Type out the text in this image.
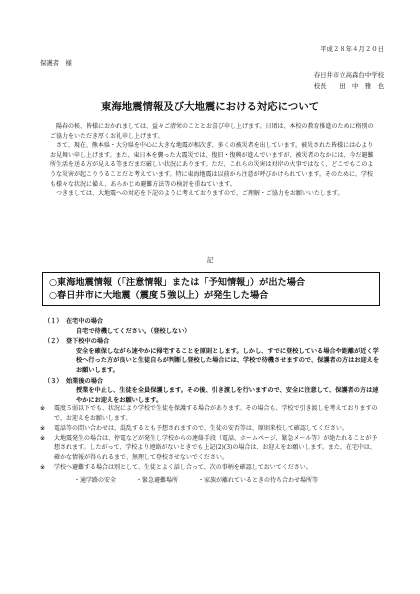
平成２８年４月２０日
保護者　様
春日井市立高森台中学校
校長　　田　中　雅　也
東海地震情報及び大地震における対応について

陽春の候、皆様におかれましては、益々ご清栄のこととお喜び申し上げます。日頃は、本校の教育推進のために格別のご協力をいただき厚くお礼申し上げます。

さて、現在、熊本県・大分県を中心に大きな地震が相次ぎ、多くの被災者を出しています。被災された皆様には心よりお見舞い申し上げます。また、東日本を襲った大震災では、復旧・復興が進んでいますが、被災者のなかには、今だ避難所生活を送る方が見える等まだまだ厳しい状況にあります。ただ、これらの災害は対岸の火事ではなく、どこでもこのような災害が起こりうることだと考えています。特に東海地震は以前から注意が呼びかけられています。そのために、学校も様々な状況に備え、あらかじめ避難方法等の検討を重ねています。

つきましては、大地震への対応を下記のように考えておりますので、ご理解・ご協力をお願いいたします。

記
○東海地震情報（「注意情報」または「予知情報」）が出た場合
○春日井市に大地震（震度５強以上）が発生した場合
（１） 在宅中の場合
自宅で待機してください。（登校しない）
（２） 登下校中の場合
安全を確保しながら速やかに帰宅することを原則とします。しかし、すでに登校している場合や距離が近く学校へ行った方が良いと生徒自らが判断し登校した場合には、学校で待機させますので、保護者の方はお迎えをお願いします。
（３） 始業後の場合
授業を中止し、生徒を全員保護します。その後、引き渡しを行いますので、安全に注意して、保護者の方は速やかにお迎えをお願いします。
※	震度５弱以下でも、状況により学校で生徒を保護する場合があります。その場合も、学校で引き渡しを考えておりますので、お迎えをお願いします。
※	電話等の問い合わせは、混乱するとも予想されますので、生徒の安否等は、原則来校して確認してください。
※	大地震発生の場合は、停電などが発生し学校からの連絡手段（電話、ホームページ、緊急メール等）が絶たれることが予想されます。したがって、学校より連絡がないときでも上記(2)(3)の場合は、お迎えをお願いします。また、在宅中は、確かな情報が得られるまで、無理して登校させないでください。
※	学校へ避難する場合は別として、生徒とよく話し合って、次の事柄を確認しておいてください。
・通学路の安全	・緊急避難場所	・家族が離れているときの待ち合わせ場所等
